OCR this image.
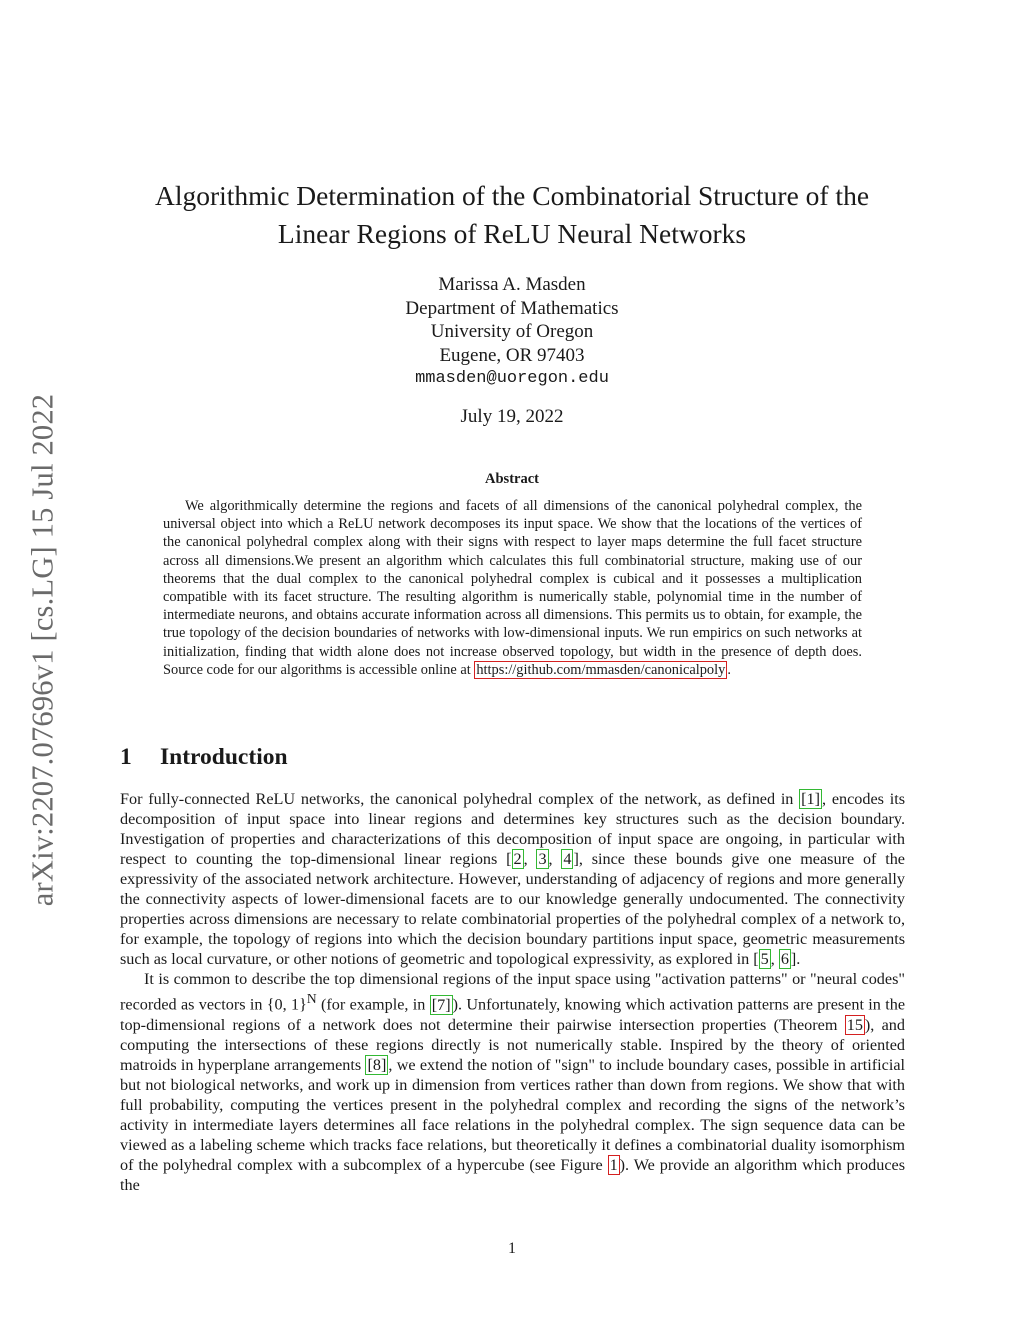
arXiv:2207.07696v1 [cs.LG] 15 Jul 2022
Algorithmic Determination of the Combinatorial Structure of the
Linear Regions of ReLU Neural Networks
Marissa A. Masden
Department of Mathematics
University of Oregon
Eugene, OR 97403
mmasden@uoregon.edu
July 19, 2022
Abstract

We algorithmically determine the regions and facets of all dimensions of the canonical polyhedral complex, the universal object into which a ReLU network decomposes its input space. We show that the locations of the vertices of the canonical polyhedral complex along with their signs with respect to layer maps determine the full facet structure across all dimensions.We present an algorithm which calculates this full combinatorial structure, making use of our theorems that the dual complex to the canonical polyhedral complex is cubical and it possesses a multiplication compatible with its facet structure. The resulting algorithm is numerically stable, polynomial time in the number of intermediate neurons, and obtains accurate information across all dimensions. This permits us to obtain, for example, the true topology of the decision boundaries of networks with low-dimensional inputs. We run empirics on such networks at initialization, finding that width alone does not increase observed topology, but width in the presence of depth does. Source code for our algorithms is accessible online at https://github.com/mmasden/canonicalpoly .

1 Introduction

For fully-connected ReLU networks, the canonical polyhedral complex of the network, as defined in [1] , encodes its decomposition of input space into linear regions and determines key structures such as the decision boundary. Investigation of properties and characterizations of this decomposition of input space are ongoing, in particular with respect to counting the top-dimensional linear regions [ 2 , 3 , 4 ], since these bounds give one measure of the expressivity of the associated network architecture. However, understanding of adjacency of regions and more generally the connectivity aspects of lower-dimensional facets are to our knowledge generally undocumented. The connectivity properties across dimensions are necessary to relate combinatorial properties of the polyhedral complex of a network to, for example, the topology of regions into which the decision boundary partitions input space, geometric measurements such as local curvature, or other notions of geometric and topological expressivity, as explored in [ 5 , 6 ].

It is common to describe the top dimensional regions of the input space using "activation patterns" or "neural codes" recorded as vectors in {0, 1}$^N$ (for example, in [7] ). Unfortunately, knowing which activation patterns are present in the top-dimensional regions of a network does not determine their pairwise intersection properties (Theorem 15 ), and computing the intersections of these regions directly is not numerically stable. Inspired by the theory of oriented matroids in hyperplane arrangements [8] , we extend the notion of "sign" to include boundary cases, possible in artificial but not biological networks, and work up in dimension from vertices rather than down from regions. We show that with full probability, computing the vertices present in the polyhedral complex and recording the signs of the network’s activity in intermediate layers determines all face relations in the polyhedral complex. The sign sequence data can be viewed as a labeling scheme which tracks face relations, but theoretically it defines a combinatorial duality isomorphism of the polyhedral complex with a subcomplex of a hypercube (see Figure 1 ). We provide an algorithm which produces the

1
